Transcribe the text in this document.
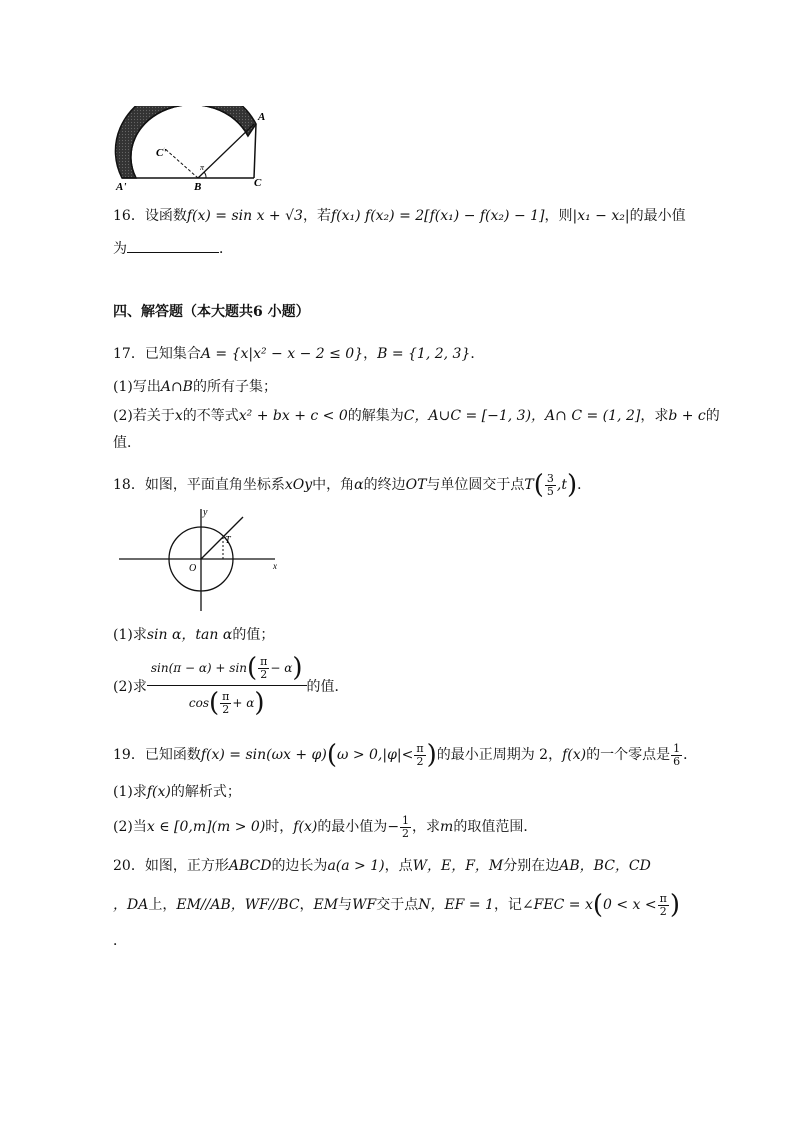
A
C'
A'	B	C
π
16．设函数f(x) = sin x + √3，若f(x₁) f(x₂) = 2[f(x₁) − f(x₂) − 1]，则|x₁ − x₂|的最小值
为	．
四、解答题（本大题共6 小题）
17．已知集合A = {x|x² − x − 2 ≤ 0}，B = {1, 2, 3}．
(1)写出A∩B的所有子集；
(2)若关于x的不等式x² + bx + c < 0的解集为C，A∪C = [−1, 3)，A∩ C = (1, 2]，求b + c的
值．
18．如图，平面直角坐标系xOy中，角α的终边OT与单位圆交于点$T( \frac{3}{5} ,t)$．
y
x
O
T
(1)求sin α，tan α的值；
(2)求
sin(π − α) + sin ( $\frac{\pi}{2} - \alpha$ )
cos ( $\frac{\pi}{2} + \alpha$ )
的值．
19．已知函数$f(x) = \sin(\omega x + \varphi)(\omega > 0,|\varphi|< \frac{\pi}{2}$ )的最小正周期为 2，f(x)的一个零点是 $\frac{1}{6}$ ．
(1)求f(x)的解析式；
(2)当x ∈ [0,m](m > 0)时，f(x)的最小值为− $\frac{1}{2}$ ，求m的取值范围．
20．如图，正方形ABCD的边长为a(a > 1)，点W，E，F，M分别在边AB，BC，CD
，DA上，EM//AB，WF//BC，EM与WF交于点N，EF = 1，记∠FEC = $x(0 < x < \frac{\pi}{2}$ )
．
